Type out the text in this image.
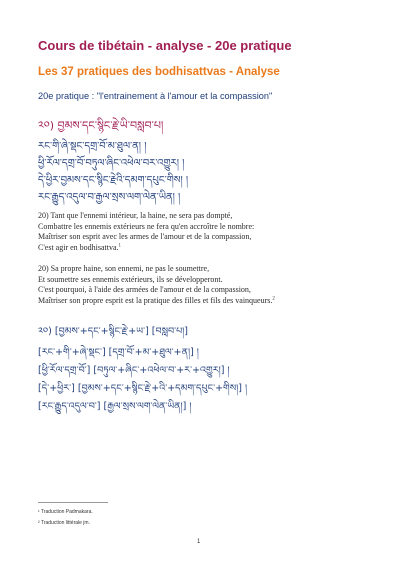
Cours de tibétain - analyse - 20e pratique
Les 37 pratiques des bodhisattvas - Analyse
20e pratique : "l'entrainement à l'amour et la compassion"
༢༠) བྱམས་དང་སྙིང་རྗེ་ཡི་བསླབ་པ།
རང་གི་ཞེ་སྡང་དགྲ་བོ་མ་ཐུལ་ན། །
ཕྱི་རོལ་དགྲ་བོ་བཏུལ་ཞིང་འཕེལ་བར་འགྱུར། །
དེ་ཕྱིར་བྱམས་དང་སྙིང་རྗེའི་དམག་དཔུང་གིས། །
རང་རྒྱུད་འདུལ་བ་རྒྱལ་སྲས་ལག་ལེན་ཡིན། །
20) Tant que l'ennemi intérieur, la haine, ne sera pas dompté,
Combattre les ennemis extérieurs ne fera qu'en accroître le nombre:
Maîtriser son esprit avec les armes de l'amour et de la compassion,
C'est agir en bodhisattva.$^1$
20) Sa propre haine, son ennemi, ne pas le soumettre,
Et soumettre ses ennemis extérieurs, ils se développeront.
C'est pourquoi, à l'aide des armées de l'amour et de la compassion,
Maîtriser son propre esprit est la pratique des filles et fils des vainqueurs.$^2$
༢༠) [བྱམས་+དང་+སྙིང་རྗེ་+ཡ་] [བསླབ་པ།]
[རང་+གི་+ཞེ་སྡང་] [དགྲ་བོ་+མ་+ཐུལ་+ན།] །
[ཕྱི་རོལ་དགྲ་བོ་] [བཏུལ་+ཞིང་+འཕེལ་བ་+ར་+འགྱུར།] །
[དེ་+ཕྱིར་] [བྱམས་+དང་+སྙིང་རྗེ་+འི་+དམག་དཔུང་+གིས།] །
[རང་རྒྱུད་འདུལ་བ་] [རྒྱལ་སྲས་ལག་ལེན་ཡིན།] །
¹ Traduction Padmakara.
² Traduction littérale jm.
1
